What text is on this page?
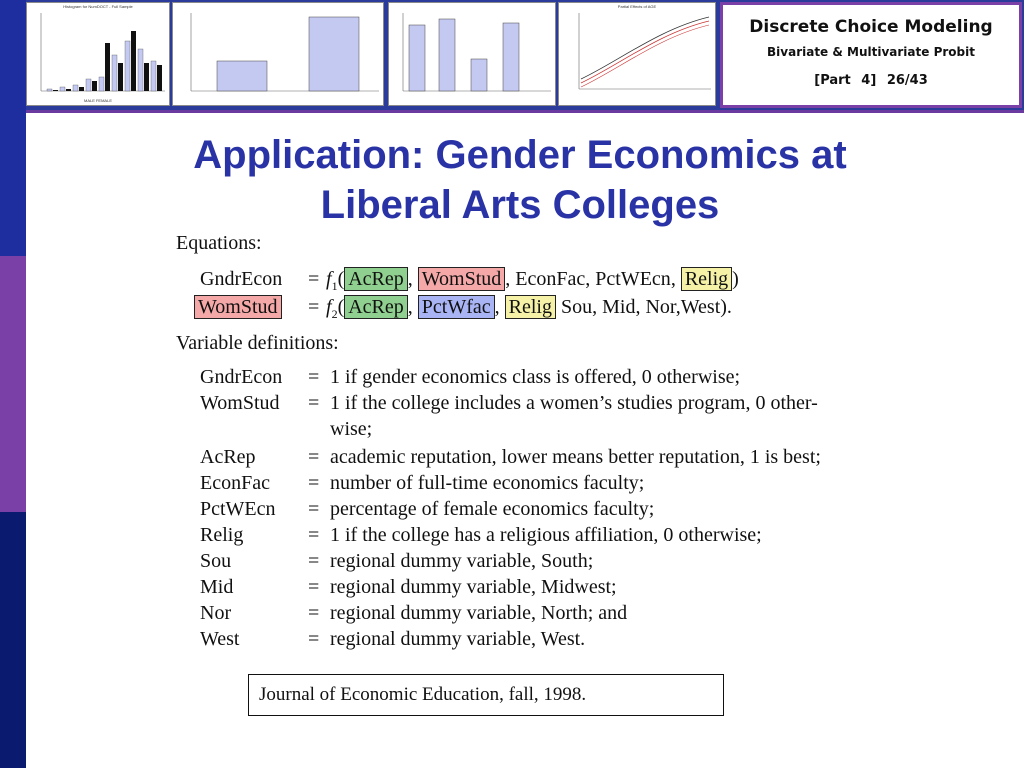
Histogram for NumDOCT - Full Sample
MALE FEMALE
Partial Effects of AGE
Discrete Choice Modeling
Bivariate & Multivariate Probit
[Part 4] 26/43
Application: Gender Economics at
Liberal Arts Colleges
Equations:
GndrEcon = $f_1$( AcRep , WomStud , EconFac, PctWEcn, Relig )
WomStud = $f_2$( AcRep , PctWfac , Relig Sou, Mid, Nor,West).
Variable definitions:
GndrEcon = 1 if gender economics class is offered, 0 otherwise;
WomStud = 1 if the college includes a women’s studies program, 0 other-
wise;
AcRep	= academic reputation, lower means better reputation, 1 is best;
EconFac = number of full-time economics faculty;
PctWEcn = percentage of female economics faculty;
Relig	= 1 if the college has a religious affiliation, 0 otherwise;
Sou	= regional dummy variable, South;
Mid	= regional dummy variable, Midwest;
Nor	= regional dummy variable, North; and
West	= regional dummy variable, West.
Journal of Economic Education, fall, 1998.
